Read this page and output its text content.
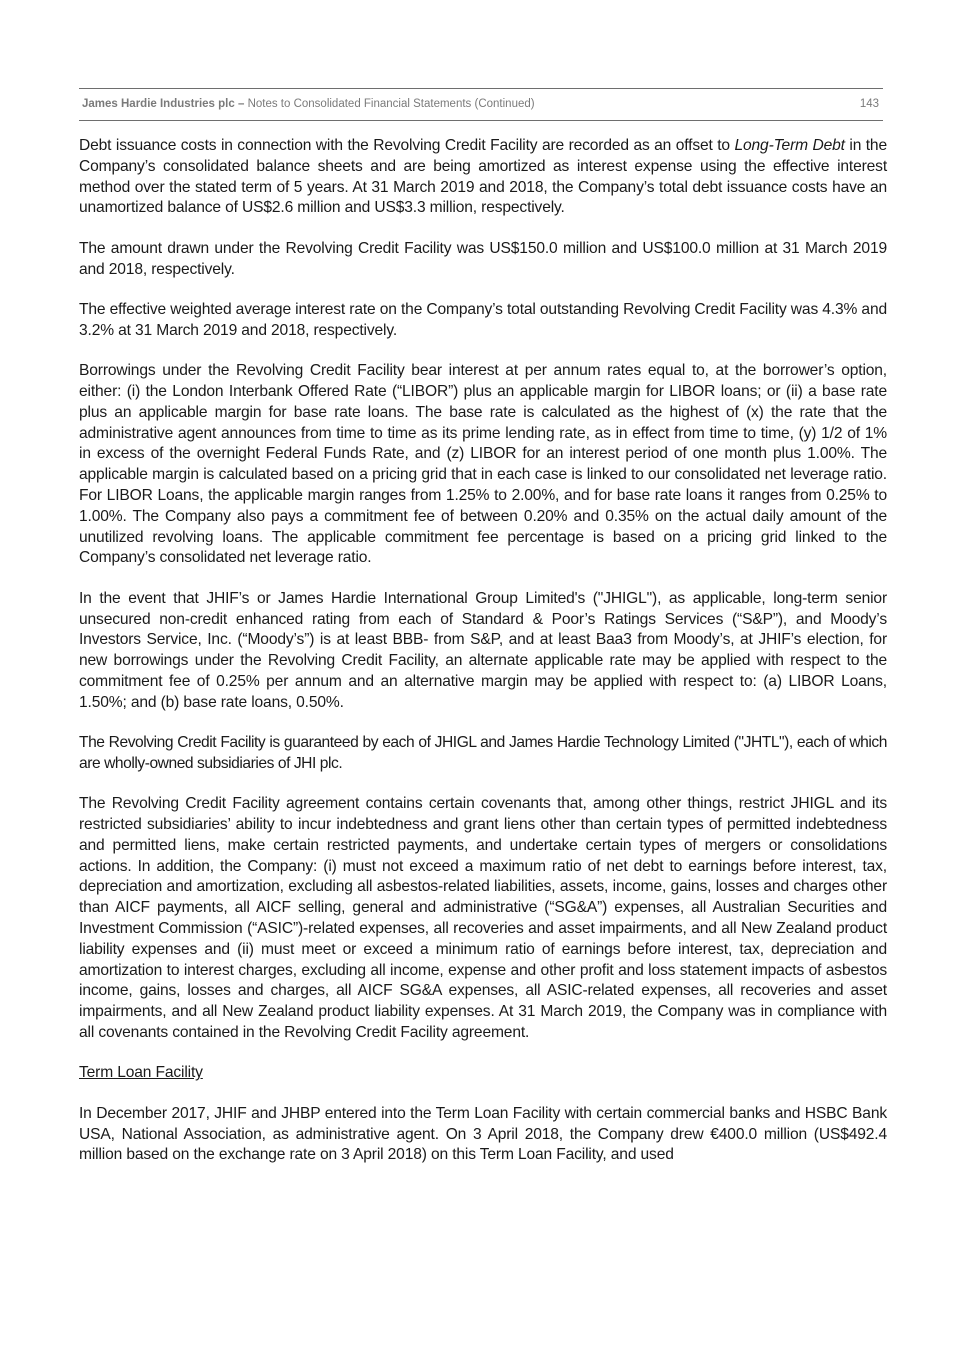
James Hardie Industries plc – Notes to Consolidated Financial Statements (Continued)	143

Debt issuance costs in connection with the Revolving Credit Facility are recorded as an offset to Long-Term Debt in the Company’s consolidated balance sheets and are being amortized as interest expense using the effective interest method over the stated term of 5 years. At 31 March 2019 and 2018, the Company’s total debt issuance costs have an unamortized balance of US$2.6 million and US$3.3 million, respectively.

The amount drawn under the Revolving Credit Facility was US$150.0 million and US$100.0 million at 31 March 2019 and 2018, respectively.

The effective weighted average interest rate on the Company’s total outstanding Revolving Credit Facility was 4.3% and 3.2% at 31 March 2019 and 2018, respectively.

Borrowings under the Revolving Credit Facility bear interest at per annum rates equal to, at the borrower’s option, either: (i) the London Interbank Offered Rate (“LIBOR”) plus an applicable margin for LIBOR loans; or (ii) a base rate plus an applicable margin for base rate loans. The base rate is calculated as the highest of (x) the rate that the administrative agent announces from time to time as its prime lending rate, as in effect from time to time, (y) 1/2 of 1% in excess of the overnight Federal Funds Rate, and (z) LIBOR for an interest period of one month plus 1.00%. The applicable margin is calculated based on a pricing grid that in each case is linked to our consolidated net leverage ratio. For LIBOR Loans, the applicable margin ranges from 1.25% to 2.00%, and for base rate loans it ranges from 0.25% to 1.00%. The Company also pays a commitment fee of between 0.20% and 0.35% on the actual daily amount of the unutilized revolving loans. The applicable commitment fee percentage is based on a pricing grid linked to the Company’s consolidated net leverage ratio.

In the event that JHIF’s or James Hardie International Group Limited's ("JHIGL"), as applicable, long-term senior unsecured non-credit enhanced rating from each of Standard & Poor’s Ratings Services (“S&P”), and Moody’s Investors Service, Inc. (“Moody’s”) is at least BBB- from S&P, and at least Baa3 from Moody’s, at JHIF’s election, for new borrowings under the Revolving Credit Facility, an alternate applicable rate may be applied with respect to the commitment fee of 0.25% per annum and an alternative margin may be applied with respect to: (a) LIBOR Loans, 1.50%; and (b) base rate loans, 0.50%.

The Revolving Credit Facility is guaranteed by each of JHIGL and James Hardie Technology Limited ("JHTL"), each of which are wholly-owned subsidiaries of JHI plc.

The Revolving Credit Facility agreement contains certain covenants that, among other things, restrict JHIGL and its restricted subsidiaries’ ability to incur indebtedness and grant liens other than certain types of permitted indebtedness and permitted liens, make certain restricted payments, and undertake certain types of mergers or consolidations actions. In addition, the Company: (i) must not exceed a maximum ratio of net debt to earnings before interest, tax, depreciation and amortization, excluding all asbestos-related liabilities, assets, income, gains, losses and charges other than AICF payments, all AICF selling, general and administrative (“SG&A”) expenses, all Australian Securities and Investment Commission (“ASIC”)-related expenses, all recoveries and asset impairments, and all New Zealand product liability expenses and (ii) must meet or exceed a minimum ratio of earnings before interest, tax, depreciation and amortization to interest charges, excluding all income, expense and other profit and loss statement impacts of asbestos income, gains, losses and charges, all AICF SG&A expenses, all ASIC-related expenses, all recoveries and asset impairments, and all New Zealand product liability expenses. At 31 March 2019, the Company was in compliance with all covenants contained in the Revolving Credit Facility agreement.

Term Loan Facility

In December 2017, JHIF and JHBP entered into the Term Loan Facility with certain commercial banks and HSBC Bank USA, National Association, as administrative agent. On 3 April 2018, the Company drew €400.0 million (US$492.4 million based on the exchange rate on 3 April 2018) on this Term Loan Facility, and used
